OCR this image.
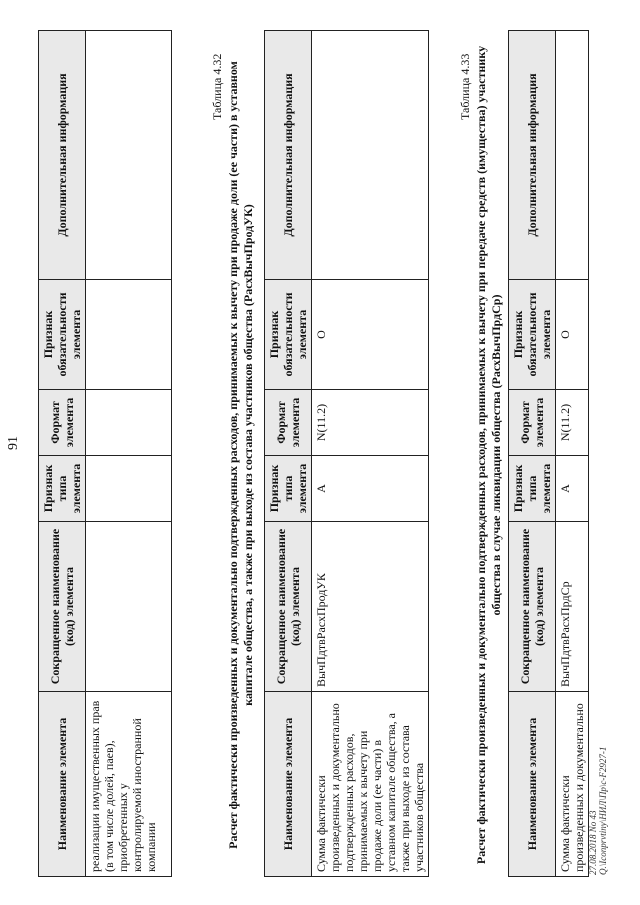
91
Наименование элемента	Сокращенное наименование (код) элемента	Признак типа элемента	Формат элемента	Признак обязательности элемента	Дополнительная информация
реализации имущественных прав (в том числе долей, паев), приобретенных у контролируемой иностранной компании					
Таблица 4.32 Расчет фактически произведенных и документально подтвержденных расходов, принимаемых к вычету при продаже доли (ее части) в уставном капитале общества, а также при выходе из состава участников общества (РасхВычПродУК)
Наименование элемента	Сокращенное наименование (код) элемента	Признак типа элемента	Формат элемента	Признак обязательности элемента	Дополнительная информация
Сумма фактически произведенных и документально подтвержденных расходов, принимаемых к вычету при продаже доли (ее части) в уставном капитале общества, а также при выходе из состава участников общества	ВычПдтвРасхПродУК	А	N(11.2)	О	
Таблица 4.33 Расчет фактически произведенных и документально подтвержденных расходов, принимаемых к вычету при передаче средств (имущества) участнику общества в случае ликвидации общества (РасхВычПрдСр)
Наименование элемента	Сокращенное наименование (код) элемента	Признак типа элемента	Формат элемента	Признак обязательности элемента	Дополнительная информация
Сумма фактически произведенных и документально	ВычПдтвРасхПрдСр	А	N(11.2)	О	
27.08.2018 No 43 Q.\Iconprvtiny\HИЛ\Пр\с-F2927-1
